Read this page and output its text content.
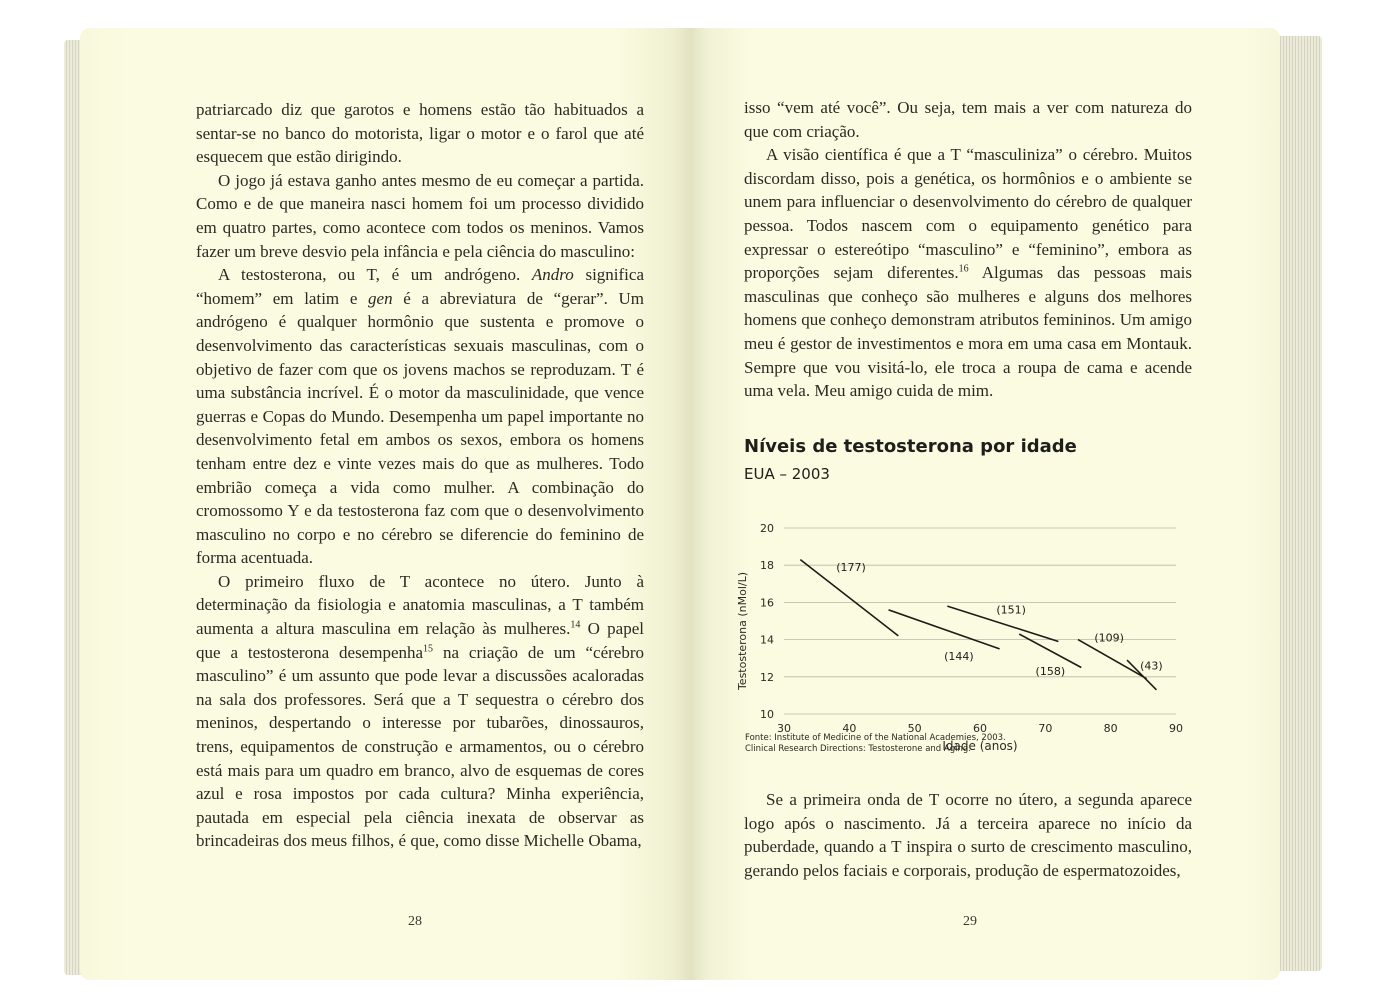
patriarcado diz que garotos e homens estão tão habituados a sentar-se no banco do motorista, ligar o motor e o farol que até esquecem que estão dirigindo.

O jogo já estava ganho antes mesmo de eu começar a partida. Como e de que maneira nasci homem foi um processo dividido em quatro partes, como acontece com todos os meninos. Vamos fazer um breve desvio pela infância e pela ciência do masculino:

A testosterona, ou T, é um andrógeno. Andro significa “homem” em latim e gen é a abreviatura de “gerar”. Um andrógeno é qualquer hormônio que sustenta e promove o desenvolvimento das características sexuais masculinas, com o objetivo de fazer com que os jovens machos se reproduzam. T é uma substância incrível. É o motor da masculinidade, que vence guerras e Copas do Mundo. Desempenha um papel importante no desenvolvimento fetal em ambos os sexos, embora os homens tenham entre dez e vinte vezes mais do que as mulheres. Todo embrião começa a vida como mulher. A combinação do cromossomo Y e da testosterona faz com que o desenvolvimento masculino no corpo e no cérebro se diferencie do feminino de forma acentuada.

O primeiro fluxo de T acontece no útero. Junto à determinação da fisiologia e anatomia masculinas, a T também aumenta a altura masculina em relação às mulheres.$^{14}$ O papel que a testosterona desempenha$^{15}$ na criação de um “cérebro masculino” é um assunto que pode levar a discussões acaloradas na sala dos professores. Será que a T sequestra o cérebro dos meninos, despertando o interesse por tubarões, dinossauros, trens, equipamentos de construção e armamentos, ou o cérebro está mais para um quadro em branco, alvo de esquemas de cores azul e rosa impostos por cada cultura? Minha experiência, pautada em especial pela ciência inexata de observar as brincadeiras dos meus filhos, é que, como disse Michelle Obama,

28

isso “vem até você”. Ou seja, tem mais a ver com natureza do que com criação.

A visão científica é que a T “masculiniza” o cérebro. Muitos discordam disso, pois a genética, os hormônios e o ambiente se unem para influenciar o desenvolvimento do cérebro de qualquer pessoa. Todos nascem com o equipamento genético para expressar o estereótipo “masculino” e “feminino”, embora as proporções sejam diferentes.$^{16}$ Algumas das pessoas mais masculinas que conheço são mulheres e alguns dos melhores homens que conheço demonstram atributos femininos. Um amigo meu é gestor de investimentos e mora em uma casa em Montauk. Sempre que vou visitá-lo, ele troca a roupa de cama e acende uma vela. Meu amigo cuida de mim.

Níveis de testosterona por idade
EUA – 2003
10
12
14
16
18
20
30	40	50	60	70	80	90
Idade (anos)
Testosterona (nMol/L)
(177)
(144)
(151)
(158)
(109)
(43)
Fonte: Institute of Medicine of the National Academies, 2003.
Clinical Research Directions: Testosterone and Aging.

Se a primeira onda de T ocorre no útero, a segunda aparece logo após o nascimento. Já a terceira aparece no início da puberdade, quando a T inspira o surto de crescimento masculino, gerando pelos faciais e corporais, produção de espermatozoides,

29
